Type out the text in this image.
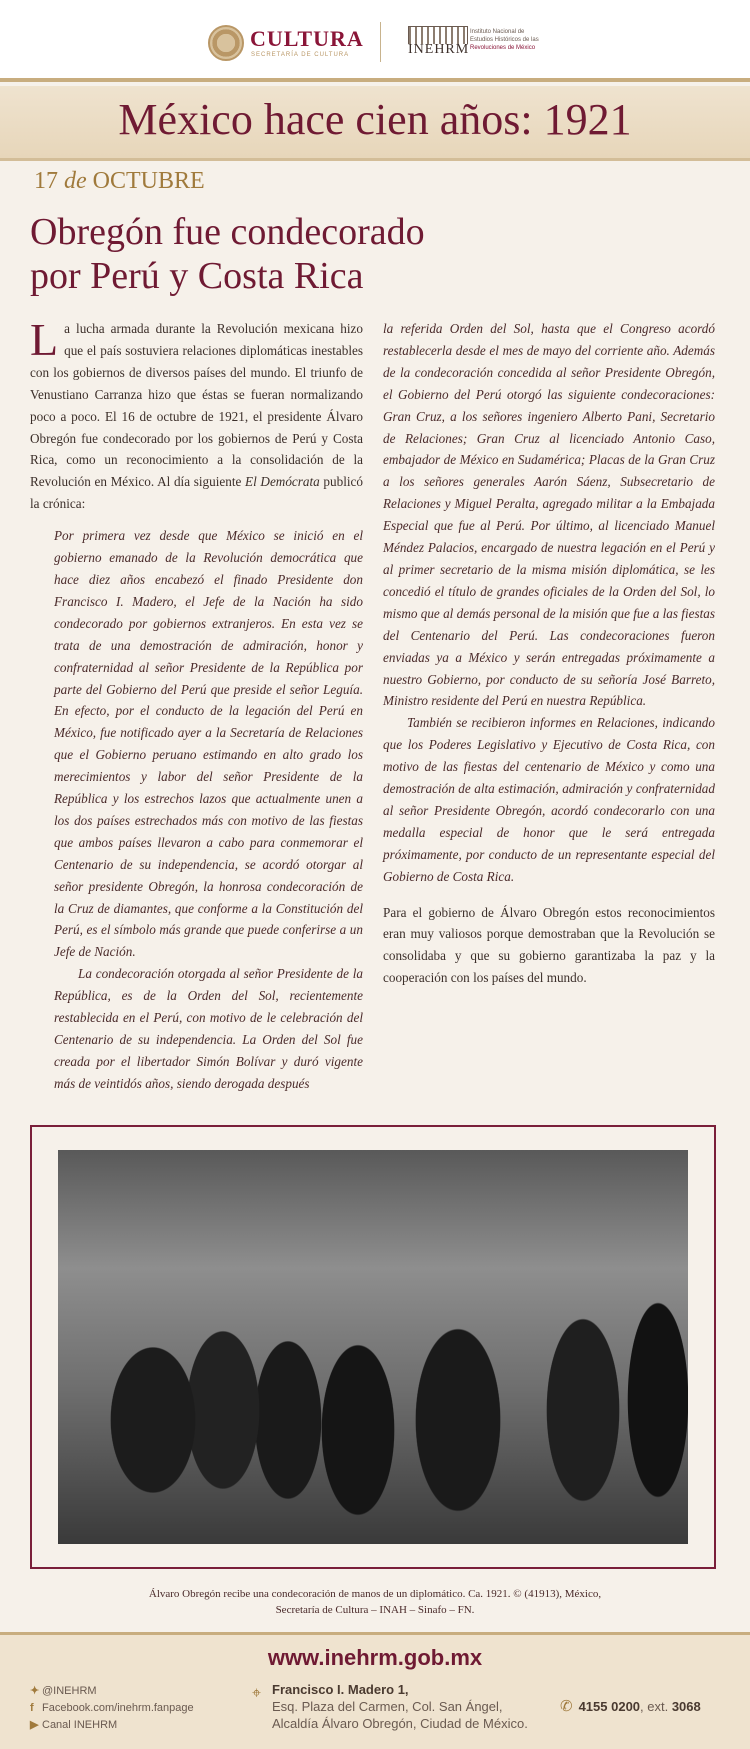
CULTURA
SECRETARÍA DE CULTURA	INEHRM
Instituto Nacional de
Estudios Históricos de las
Revoluciones de México
México hace cien años: 1921
17 de OCTUBRE
Obregón fue condecorado
por Perú y Costa Rica

La lucha armada durante la Revolución mexicana hizo que el país sostuviera relaciones diplomáticas inestables con los gobiernos de diversos países del mundo. El triunfo de Venustiano Carranza hizo que éstas se fueran normalizando poco a poco. El 16 de octubre de 1921, el presidente Álvaro Obregón fue condecorado por los gobiernos de Perú y Costa Rica, como un reconocimiento a la consolidación de la Revolución en México. Al día siguiente El Demócrata publicó la crónica:

Por primera vez desde que México se inició en el gobierno emanado de la Revolución democrática que hace diez años encabezó el finado Presidente don Francisco I. Madero, el Jefe de la Nación ha sido condecorado por gobiernos extranjeros. En esta vez se trata de una demostración de admiración, honor y confraternidad al señor Presidente de la República por parte del Gobierno del Perú que preside el señor Leguía. En efecto, por el conducto de la legación del Perú en México, fue notificado ayer a la Secretaría de Relaciones que el Gobierno peruano estimando en alto grado los merecimientos y labor del señor Presidente de la República y los estrechos lazos que actualmente unen a los dos países estrechados más con motivo de las fiestas que ambos países llevaron a cabo para conmemorar el Centenario de su independencia, se acordó otorgar al señor presidente Obregón, la honrosa condecoración de la Cruz de diamantes, que conforme a la Constitución del Perú, es el símbolo más grande que puede conferirse a un Jefe de Nación.

La condecoración otorgada al señor Presidente de la República, es de la Orden del Sol, recientemente restablecida en el Perú, con motivo de le celebración del Centenario de su independencia. La Orden del Sol fue creada por el libertador Simón Bolívar y duró vigente más de veintidós años, siendo derogada después

la referida Orden del Sol, hasta que el Congreso acordó restablecerla desde el mes de mayo del corriente año. Además de la condecoración concedida al señor Presidente Obregón, el Gobierno del Perú otorgó las siguiente condecoraciones: Gran Cruz, a los señores ingeniero Alberto Pani, Secretario de Relaciones; Gran Cruz al licenciado Antonio Caso, embajador de México en Sudamérica; Placas de la Gran Cruz a los señores generales Aarón Sáenz, Subsecretario de Relaciones y Miguel Peralta, agregado militar a la Embajada Especial que fue al Perú. Por último, al licenciado Manuel Méndez Palacios, encargado de nuestra legación en el Perú y al primer secretario de la misma misión diplomática, se les concedió el título de grandes oficiales de la Orden del Sol, lo mismo que al demás personal de la misión que fue a las fiestas del Centenario del Perú. Las condecoraciones fueron enviadas ya a México y serán entregadas próximamente a nuestro Gobierno, por conducto de su señoría José Barreto, Ministro residente del Perú en nuestra República.

También se recibieron informes en Relaciones, indicando que los Poderes Legislativo y Ejecutivo de Costa Rica, con motivo de las fiestas del centenario de México y como una demostración de alta estimación, admiración y confraternidad al señor Presidente Obregón, acordó condecorarlo con una medalla especial de honor que le será entregada próximamente, por conducto de un representante especial del Gobierno de Costa Rica.

Para el gobierno de Álvaro Obregón estos reconocimientos eran muy valiosos porque demostraban que la Revolución se consolidaba y que su gobierno garantizaba la paz y la cooperación con los países del mundo.

Álvaro Obregón recibe una condecoración de manos de un diplomático. Ca. 1921. © (41913), México,
Secretaría de Cultura – INAH – Sinafo – FN.
www.inehrm.gob.mx
✦ @INEHRM
f Facebook.com/inehrm.fanpage
▶ Canal INEHRM
⌖ Francisco I. Madero 1,
Esq. Plaza del Carmen, Col. San Ángel,
Alcaldía Álvaro Obregón, Ciudad de México.
✆ 4155 0200, ext. 3068
